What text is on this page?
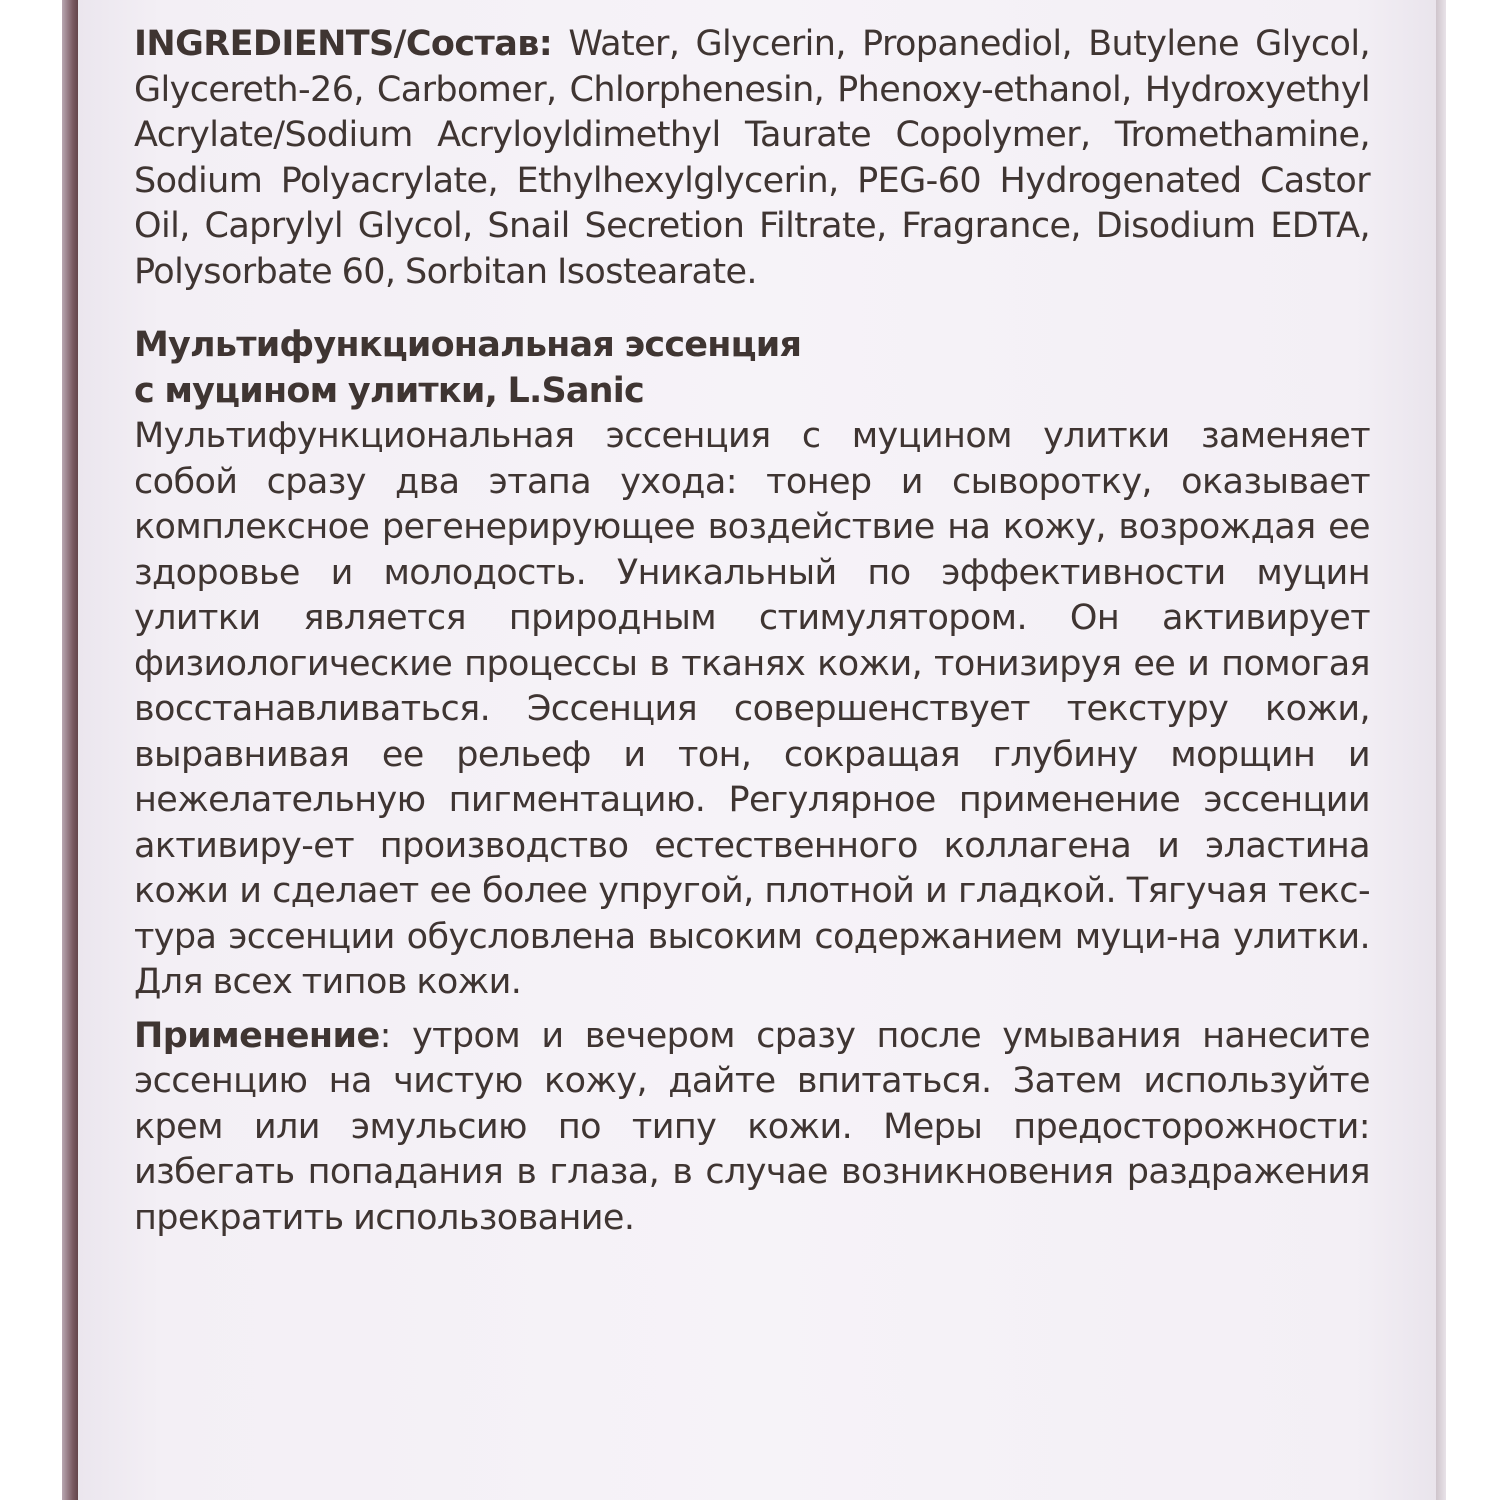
INGREDIENTS/Состав: Water, Glycerin, Propanediol, Butylene Glycol, Glycereth-26, Carbomer, Chlorphenesin, Phenoxy-ethanol, Hydroxyethyl Acrylate/Sodium Acryloyldimethyl Taurate Copolymer, Tromethamine, Sodium Polyacrylate, Ethylhexylglycerin, PEG-60 Hydrogenated Castor Oil, Caprylyl Glycol, Snail Secretion Filtrate, Fragrance, Disodium EDTA, Polysorbate 60, Sorbitan Isostearate.

Мультифункциональная эссенция
с муцином улитки, L.Sanic

Мультифункциональная эссенция с муцином улитки заменяет собой сразу два этапа ухода: тонер и сыворотку, оказывает комплексное регенерирующее воздействие на кожу, возрождая ее здоровье и молодость. Уникальный по эффективности муцин улитки является природным стимулятором. Он активирует физиологические процессы в тканях кожи, тонизируя ее и помогая восстанавливаться. Эссенция совершенствует текстуру кожи, выравнивая ее рельеф и тон, сокращая глубину морщин и нежелательную пигментацию. Регулярное применение эссенции активиру-ет производство естественного коллагена и эластина кожи и сделает ее более упругой, плотной и гладкой. Тягучая текс-тура эссенции обусловлена высоким содержанием муци-на улитки. Для всех типов кожи.

Применение: утром и вечером сразу после умывания нанесите эссенцию на чистую кожу, дайте впитаться. Затем используйте крем или эмульсию по типу кожи. Меры предосторожности: избегать попадания в глаза, в случае возникновения раздражения прекратить использование.
